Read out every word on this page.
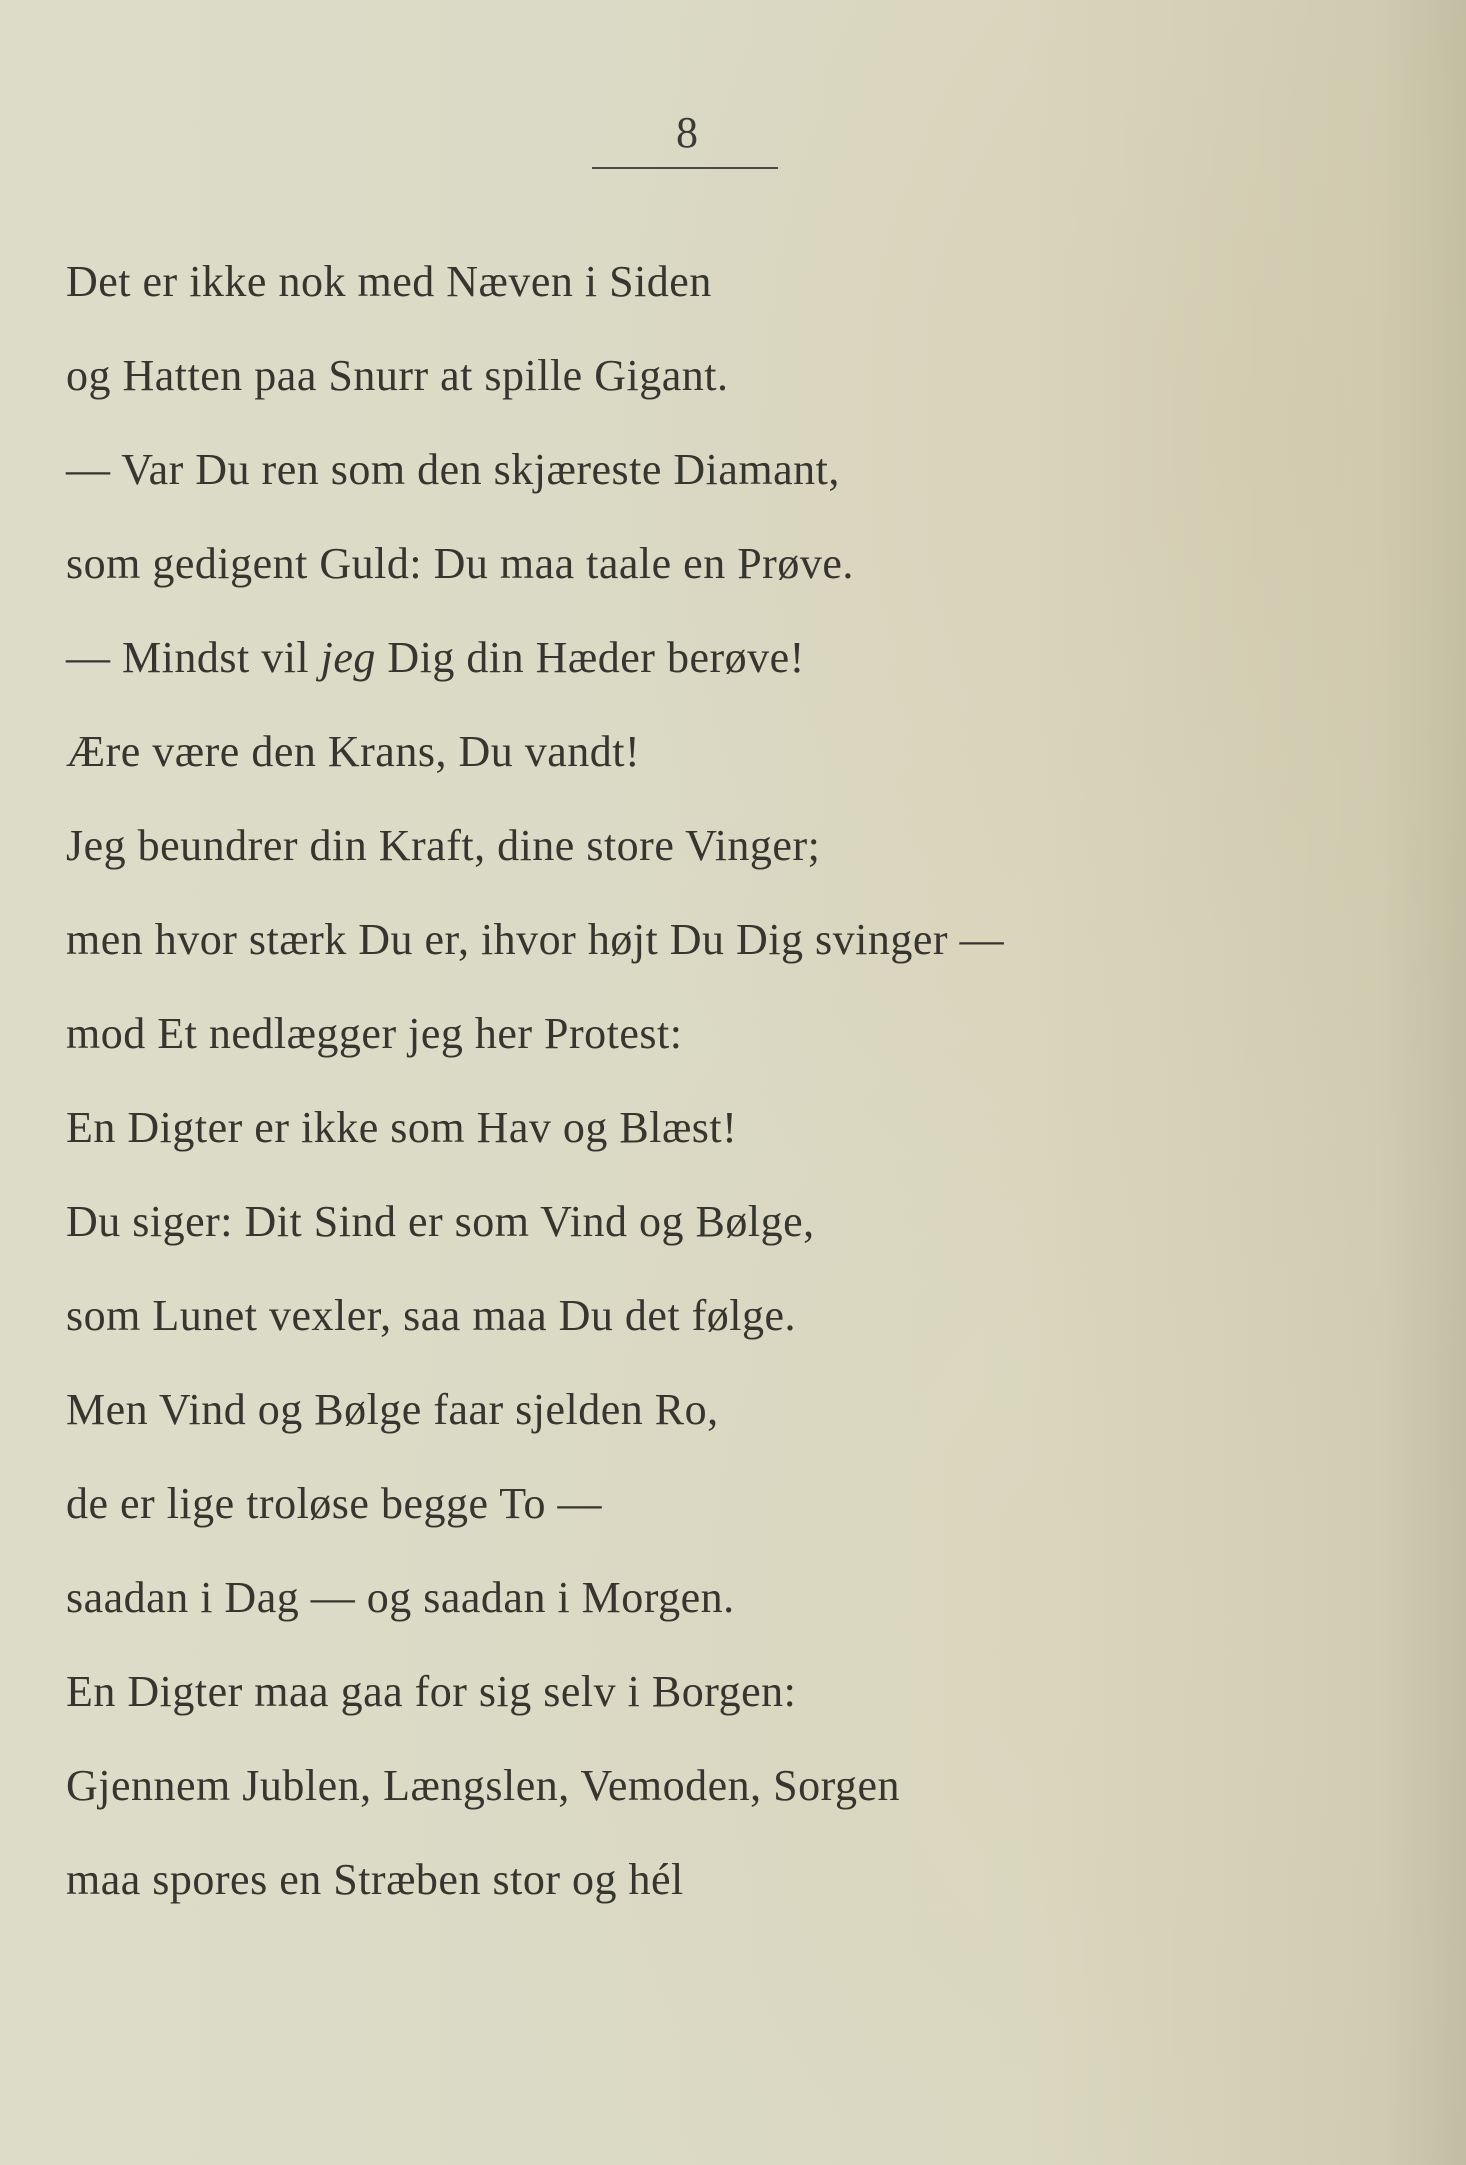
8
Det er ikke nok med Næven i Siden
og Hatten paa Snurr at spille Gigant.
— Var Du ren som den skjæreste Diamant,
som gedigent Guld: Du maa taale en Prøve.
— Mindst vil jeg Dig din Hæder berøve!
Ære være den Krans, Du vandt!
Jeg beundrer din Kraft, dine store Vinger;
men hvor stærk Du er, ihvor højt Du Dig svinger —
mod Et nedlægger jeg her Protest:
En Digter er ikke som Hav og Blæst!
Du siger: Dit Sind er som Vind og Bølge,
som Lunet vexler, saa maa Du det følge.
Men Vind og Bølge faar sjelden Ro,
de er lige troløse begge To —
saadan i Dag — og saadan i Morgen.
En Digter maa gaa for sig selv i Borgen:
Gjennem Jublen, Længslen, Vemoden, Sorgen
maa spores en Stræben stor og hél
